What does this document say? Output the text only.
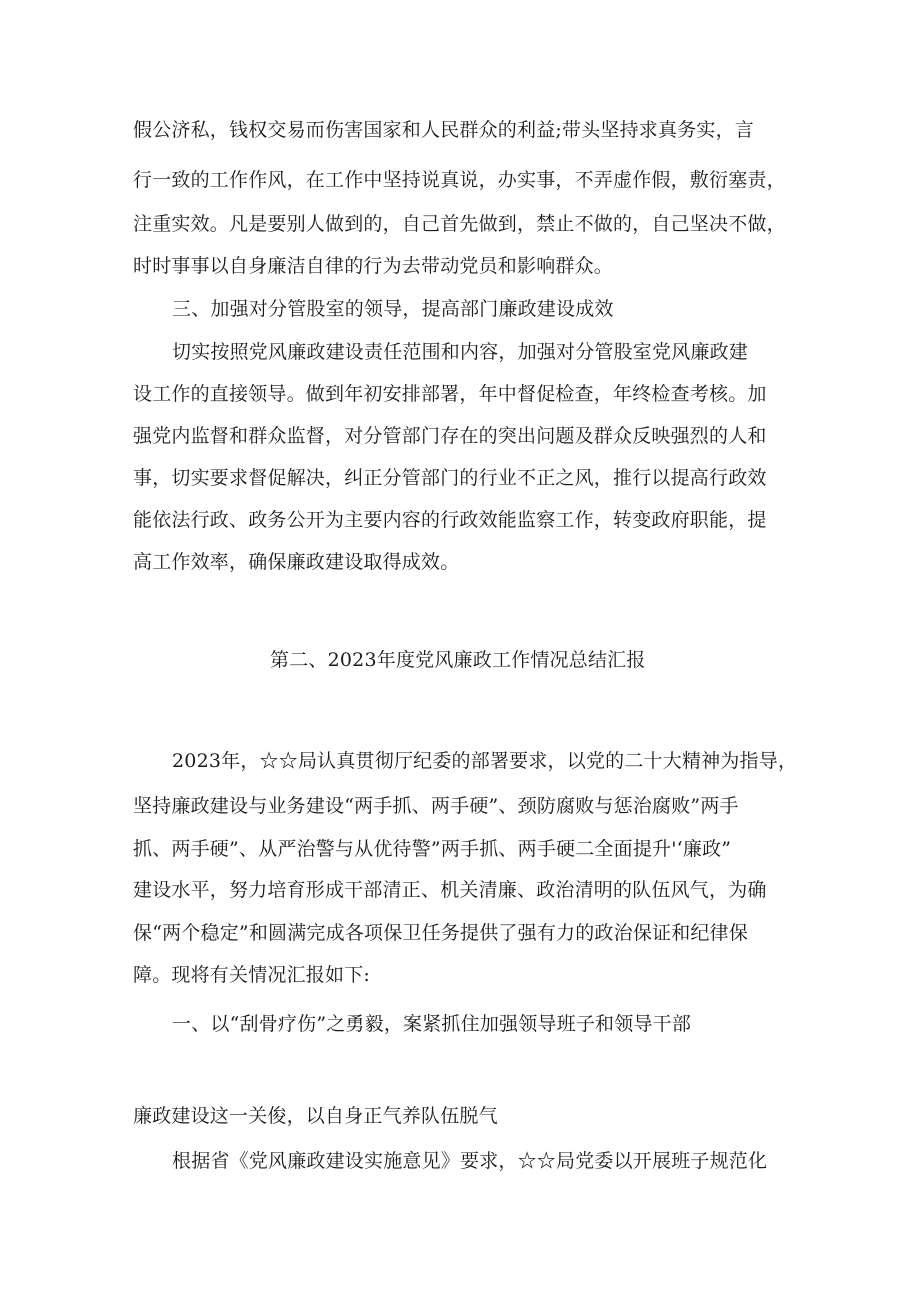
假公济私，钱权交易而伤害国家和人民群众的利益;带头坚持求真务实，言
行一致的工作作风，在工作中坚持说真说，办实事，不弄虚作假，敷衍塞责，
注重实效。凡是要别人做到的，自己首先做到，禁止不做的，自己坚决不做，
时时事事以自身廉洁自律的行为去带动党员和影响群众。
三、加强对分管股室的领导，提高部门廉政建设成效
切实按照党风廉政建设责任范围和内容，加强对分管股室党风廉政建
设工作的直接领导。做到年初安排部署，年中督促检查，年终检查考核。加
强党内监督和群众监督，对分管部门存在的突出问题及群众反映强烈的人和
事，切实要求督促解决，纠正分管部门的行业不正之风，推行以提高行政效
能依法行政、政务公开为主要内容的行政效能监察工作，转变政府职能，提
高工作效率，确保廉政建设取得成效。
第二、2023年度党风廉政工作情况总结汇报
2023年，☆☆局认真贯彻厅纪委的部署要求，以党的二十大精神为指导，
坚持廉政建设与业务建设“两手抓、两手硬”、颈防腐败与惩治腐败”两手
抓、两手硬”、从严治警与从优待警”两手抓、两手硬二全面提升'‘廉政”
建设水平，努力培育形成干部清正、机关清廉、政治清明的队伍风气，为确
保“两个稳定”和圆满完成各项保卫任务提供了强有力的政治保证和纪律保
障。现将有关情况汇报如下:
一、以“刮骨疗伤”之勇毅，案紧抓住加强领导班子和领导干部
廉政建设这一关俊，以自身正气养队伍脱气
根据省《党风廉政建设实施意见》要求，☆☆局党委以开展班子规范化
